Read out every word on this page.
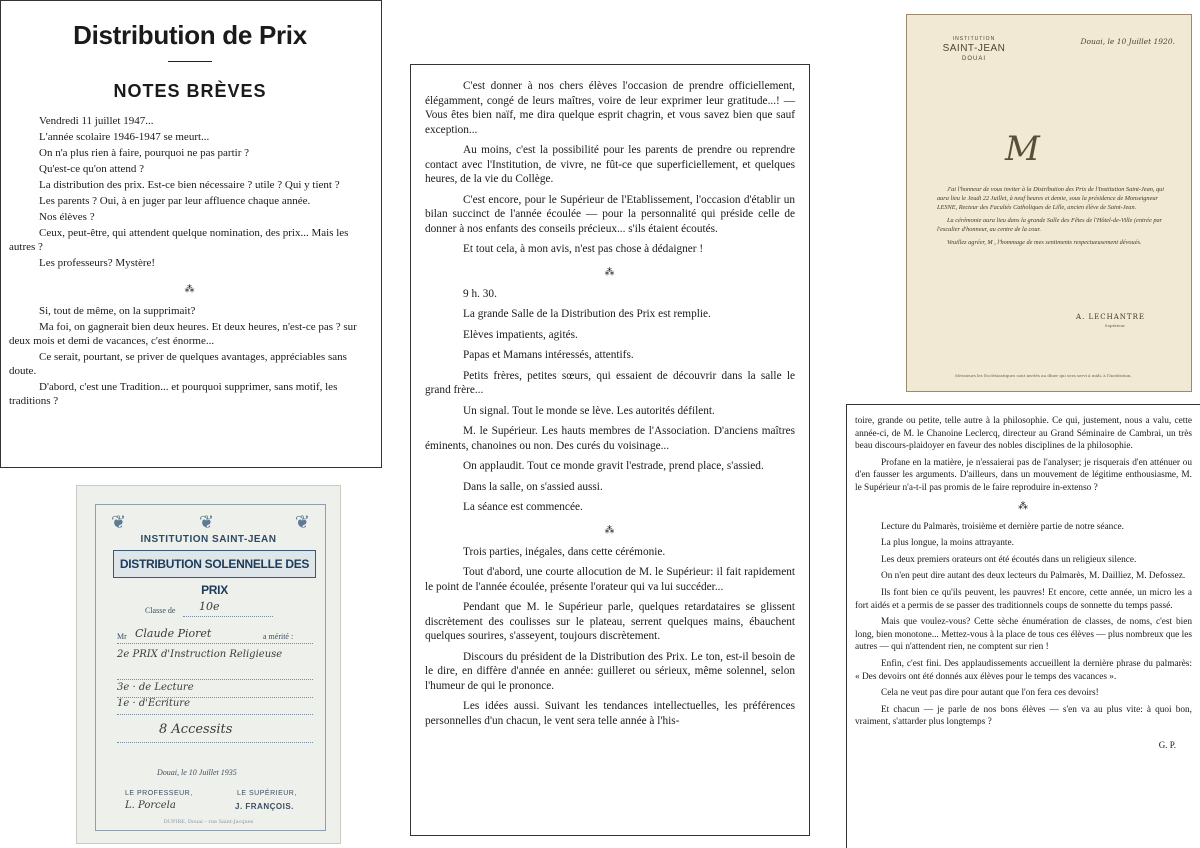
Distribution de Prix
NOTES BRÈVES

Vendredi 11 juillet 1947...

L'année scolaire 1946-1947 se meurt...

On n'a plus rien à faire, pourquoi ne pas partir ?

Qu'est-ce qu'on attend ?

La distribution des prix. Est-ce bien nécessaire ? utile ? Qui y tient ?

Les parents ? Oui, à en juger par leur affluence chaque année.

Nos élèves ?

Ceux, peut-être, qui attendent quelque nomination, des prix... Mais les autres ?

Les professeurs? Mystère!

⁂

Si, tout de même, on la supprimait?

Ma foi, on gagnerait bien deux heures. Et deux heures, n'est-ce pas ? sur deux mois et demi de vacances, c'est énorme...

Ce serait, pourtant, se priver de quelques avantages, appréciables sans doute.

D'abord, c'est une Tradition... et pourquoi supprimer, sans motif, les traditions ?

❦	❦	❦
INSTITUTION SAINT-JEAN
DISTRIBUTION SOLENNELLE DES PRIX
Classe de 10e
Mr Claude Pioret	a mérité :
2e PRIX d'Instruction Religieuse
3e · de Lecture
1e · d'Ecriture
8 Accessits
Douai, le 10 Juillet 1935
LE PROFESSEUR,	LE SUPÉRIEUR,
L. Porcela	J. FRANÇOIS.
DUPIRE, Douai – rue Saint-Jacques

C'est donner à nos chers élèves l'occasion de prendre officiellement, élégamment, congé de leurs maîtres, voire de leur exprimer leur gratitude...! — Vous êtes bien naïf, me dira quelque esprit chagrin, et vous savez bien que sauf exception...

Au moins, c'est la possibilité pour les parents de prendre ou reprendre contact avec l'Institution, de vivre, ne fût-ce que superficiellement, et quelques heures, de la vie du Collège.

C'est encore, pour le Supérieur de l'Etablissement, l'occasion d'établir un bilan succinct de l'année écoulée — pour la personnalité qui préside celle de donner à nos enfants des conseils précieux... s'ils étaient écoutés.

Et tout cela, à mon avis, n'est pas chose à dédaigner !

⁂

9 h. 30.

La grande Salle de la Distribution des Prix est remplie.

Elèves impatients, agités.

Papas et Mamans intéressés, attentifs.

Petits frères, petites sœurs, qui essaient de découvrir dans la salle le grand frère...

Un signal. Tout le monde se lève. Les autorités défilent.

M. le Supérieur. Les hauts membres de l'Association. D'anciens maîtres éminents, chanoines ou non. Des curés du voisinage...

On applaudit. Tout ce monde gravit l'estrade, prend place, s'assied.

Dans la salle, on s'assied aussi.

La séance est commencée.

⁂

Trois parties, inégales, dans cette cérémonie.

Tout d'abord, une courte allocution de M. le Supérieur: il fait rapidement le point de l'année écoulée, présente l'orateur qui va lui succéder...

Pendant que M. le Supérieur parle, quelques retardataires se glissent discrètement des coulisses sur le plateau, serrent quelques mains, ébauchent quelques sourires, s'asseyent, toujours discrètement.

Discours du président de la Distribution des Prix. Le ton, est-il besoin de le dire, en diffère d'année en année: guilleret ou sérieux, même solennel, selon l'humeur de qui le prononce.

Les idées aussi. Suivant les tendances intellectuelles, les préférences personnelles d'un chacun, le vent sera telle année à l'his-

INSTITUTION
SAINT-JEAN
DOUAI
Douai, le 10 Juillet 1920.
M

J'ai l'honneur de vous inviter à la Distribution des Prix de l'Institution Saint-Jean, qui aura lieu le Jeudi 22 Juillet, à neuf heures et demie, sous la présidence de Monseigneur LESNE, Recteur des Facultés Catholiques de Lille, ancien élève de Saint-Jean.

La cérémonie aura lieu dans la grande Salle des Fêtes de l'Hôtel-de-Ville (entrée par l'escalier d'honneur, au centre de la cour.

Veuillez agréer, M , l'hommage de mes sentiments respectueusement dévoués.

A. LECHANTRE
Supérieur
Messieurs les Ecclésiastiques sont invités au dîner qui sera servi à midi, à l'Institution.

toire, grande ou petite, telle autre à la philosophie. Ce qui, justement, nous a valu, cette année-ci, de M. le Chanoine Leclercq, directeur au Grand Séminaire de Cambrai, un très beau discours-plaidoyer en faveur des nobles disciplines de la philosophie.

Profane en la matière, je n'essaierai pas de l'analyser; je risquerais d'en atténuer ou d'en fausser les arguments. D'ailleurs, dans un mouvement de légitime enthousiasme, M. le Supérieur n'a-t-il pas promis de le faire reproduire in-extenso ?

⁂

Lecture du Palmarès, troisième et dernière partie de notre séance.

La plus longue, la moins attrayante.

Les deux premiers orateurs ont été écoutés dans un religieux silence.

On n'en peut dire autant des deux lecteurs du Palmarès, M. Dailliez, M. Defossez.

Ils font bien ce qu'ils peuvent, les pauvres! Et encore, cette année, un micro les a fort aidés et a permis de se passer des traditionnels coups de sonnette du temps passé.

Mais que voulez-vous? Cette sèche énumération de classes, de noms, c'est bien long, bien monotone... Mettez-vous à la place de tous ces élèves — plus nombreux que les autres — qui n'attendent rien, ne comptent sur rien !

Enfin, c'est fini. Des applaudissements accueillent la dernière phrase du palmarès: « Des devoirs ont été donnés aux élèves pour le temps des vacances ».

Cela ne veut pas dire pour autant que l'on fera ces devoirs!

Et chacun — je parle de nos bons élèves — s'en va au plus vite: à quoi bon, vraiment, s'attarder plus longtemps ?

G. P.
